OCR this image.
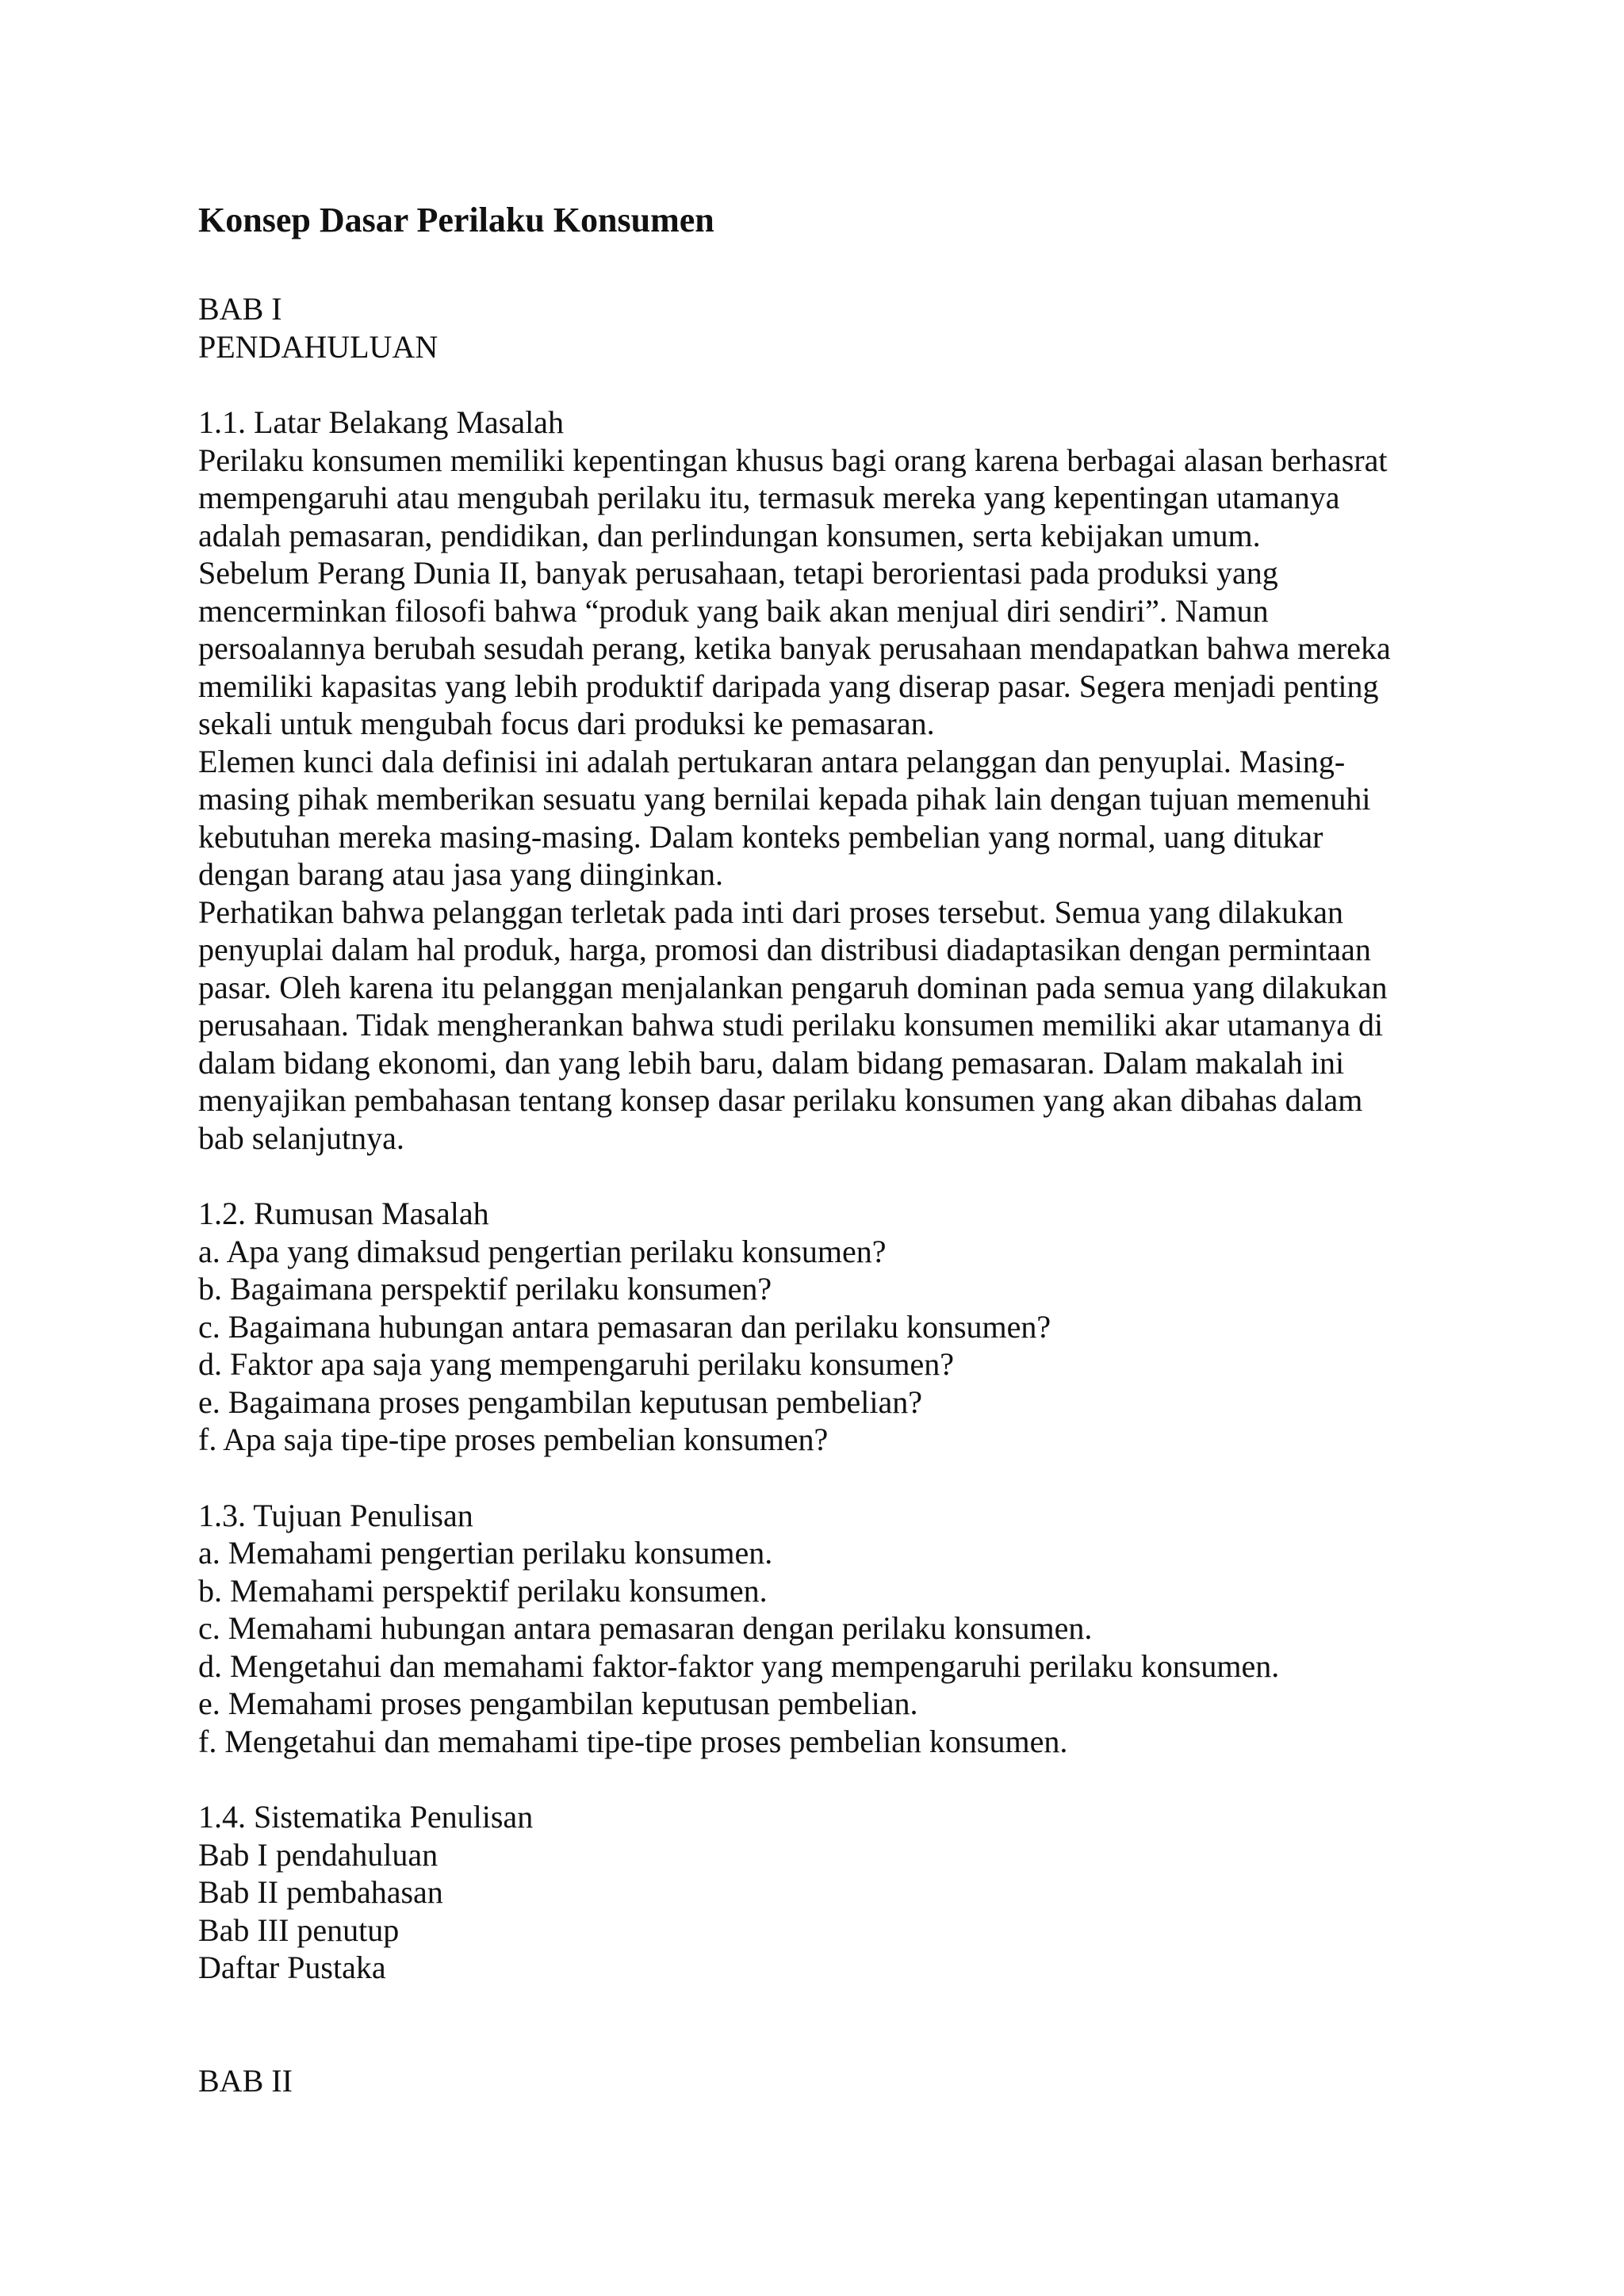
Konsep Dasar Perilaku Konsumen

BAB I

PENDAHULUAN

1.1. Latar Belakang Masalah

Perilaku konsumen memiliki kepentingan khusus bagi orang karena berbagai alasan berhasrat

mempengaruhi atau mengubah perilaku itu, termasuk mereka yang kepentingan utamanya

adalah pemasaran, pendidikan, dan perlindungan konsumen, serta kebijakan umum.

Sebelum Perang Dunia II, banyak perusahaan, tetapi berorientasi pada produksi yang

mencerminkan filosofi bahwa “produk yang baik akan menjual diri sendiri”. Namun

persoalannya berubah sesudah perang, ketika banyak perusahaan mendapatkan bahwa mereka

memiliki kapasitas yang lebih produktif daripada yang diserap pasar. Segera menjadi penting

sekali untuk mengubah focus dari produksi ke pemasaran.

Elemen kunci dala definisi ini adalah pertukaran antara pelanggan dan penyuplai. Masing-

masing pihak memberikan sesuatu yang bernilai kepada pihak lain dengan tujuan memenuhi

kebutuhan mereka masing-masing. Dalam konteks pembelian yang normal, uang ditukar

dengan barang atau jasa yang diinginkan.

Perhatikan bahwa pelanggan terletak pada inti dari proses tersebut. Semua yang dilakukan

penyuplai dalam hal produk, harga, promosi dan distribusi diadaptasikan dengan permintaan

pasar. Oleh karena itu pelanggan menjalankan pengaruh dominan pada semua yang dilakukan

perusahaan. Tidak mengherankan bahwa studi perilaku konsumen memiliki akar utamanya di

dalam bidang ekonomi, dan yang lebih baru, dalam bidang pemasaran. Dalam makalah ini

menyajikan pembahasan tentang konsep dasar perilaku konsumen yang akan dibahas dalam

bab selanjutnya.

1.2. Rumusan Masalah

a. Apa yang dimaksud pengertian perilaku konsumen?

b. Bagaimana perspektif perilaku konsumen?

c. Bagaimana hubungan antara pemasaran dan perilaku konsumen?

d. Faktor apa saja yang mempengaruhi perilaku konsumen?

e. Bagaimana proses pengambilan keputusan pembelian?

f. Apa saja tipe-tipe proses pembelian konsumen?

1.3. Tujuan Penulisan

a. Memahami pengertian perilaku konsumen.

b. Memahami perspektif perilaku konsumen.

c. Memahami hubungan antara pemasaran dengan perilaku konsumen.

d. Mengetahui dan memahami faktor-faktor yang mempengaruhi perilaku konsumen.

e. Memahami proses pengambilan keputusan pembelian.

f. Mengetahui dan memahami tipe-tipe proses pembelian konsumen.

1.4. Sistematika Penulisan

Bab I pendahuluan

Bab II pembahasan

Bab III penutup

Daftar Pustaka

BAB II
